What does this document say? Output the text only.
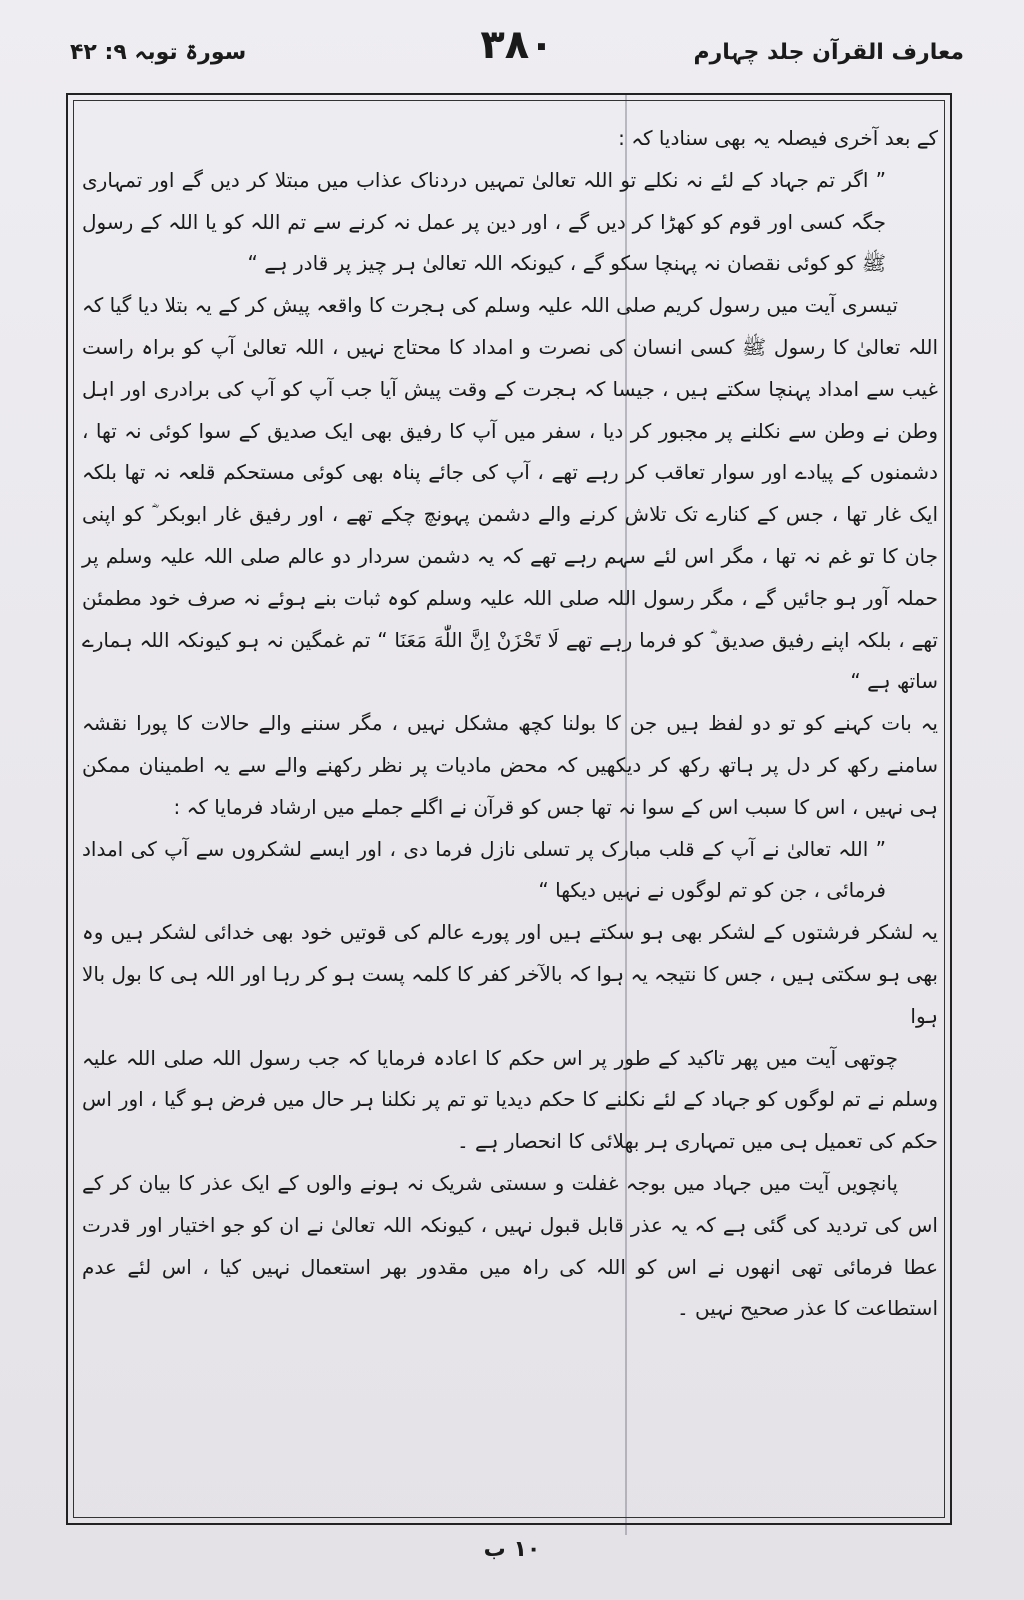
معارف القرآن جلد چہارم
۳۸۰
سورۃ توبہ ۹: ۴۲

کے بعد آخری فیصلہ یہ بھی سنادیا کہ :

” اگر تم جہاد کے لئے نہ نکلے تو اللہ تعالیٰ تمہیں دردناک عذاب میں مبتلا کر دیں گے اور تمہاری جگہ کسی اور قوم کو کھڑا کر دیں گے ، اور دین پر عمل نہ کرنے سے تم اللہ کو یا اللہ کے رسول ﷺ کو کوئی نقصان نہ پہنچا سکو گے ، کیونکہ اللہ تعالیٰ ہر چیز پر قادر ہے “

تیسری آیت میں رسول کریم صلی اللہ علیہ وسلم کی ہجرت کا واقعہ پیش کر کے یہ بتلا دیا گیا کہ اللہ تعالیٰ کا رسول ﷺ کسی انسان کی نصرت و امداد کا محتاج نہیں ، اللہ تعالیٰ آپ کو براہ راست غیب سے امداد پہنچا سکتے ہیں ، جیسا کہ ہجرت کے وقت پیش آیا جب آپ کو آپ کی برادری اور اہل وطن نے وطن سے نکلنے پر مجبور کر دیا ، سفر میں آپ کا رفیق بھی ایک صدیق کے سوا کوئی نہ تھا ، دشمنوں کے پیادے اور سوار تعاقب کر رہے تھے ، آپ کی جائے پناہ بھی کوئی مستحکم قلعہ نہ تھا بلکہ ایک غار تھا ، جس کے کنارے تک تلاش کرنے والے دشمن پہونچ چکے تھے ، اور رفیق غار ابوبکر ؓ کو اپنی جان کا تو غم نہ تھا ، مگر اس لئے سہم رہے تھے کہ یہ دشمن سردار دو عالم صلی اللہ علیہ وسلم پر حملہ آور ہو جائیں گے ، مگر رسول اللہ صلی اللہ علیہ وسلم کوہ ثبات بنے ہوئے نہ صرف خود مطمئن تھے ، بلکہ اپنے رفیق صدیق ؓ کو فرما رہے تھے لَا تَحْزَنْ اِنَّ اللّٰهَ مَعَنَا “ تم غمگین نہ ہو کیونکہ اللہ ہمارے ساتھ ہے “

یہ بات کہنے کو تو دو لفظ ہیں جن کا بولنا کچھ مشکل نہیں ، مگر سننے والے حالات کا پورا نقشہ سامنے رکھ کر دل پر ہاتھ رکھ کر دیکھیں کہ محض مادیات پر نظر رکھنے والے سے یہ اطمینان ممکن ہی نہیں ، اس کا سبب اس کے سوا نہ تھا جس کو قرآن نے اگلے جملے میں ارشاد فرمایا کہ :

” اللہ تعالیٰ نے آپ کے قلب مبارک پر تسلی نازل فرما دی ، اور ایسے لشکروں سے آپ کی امداد فرمائی ، جن کو تم لوگوں نے نہیں دیکھا “

یہ لشکر فرشتوں کے لشکر بھی ہو سکتے ہیں اور پورے عالم کی قوتیں خود بھی خدائی لشکر ہیں وہ بھی ہو سکتی ہیں ، جس کا نتیجہ یہ ہوا کہ بالآخر کفر کا کلمہ پست ہو کر رہا اور اللہ ہی کا بول بالا ہوا

چوتھی آیت میں پھر تاکید کے طور پر اس حکم کا اعادہ فرمایا کہ جب رسول اللہ صلی اللہ علیہ وسلم نے تم لوگوں کو جہاد کے لئے نکلنے کا حکم دیدیا تو تم پر نکلنا ہر حال میں فرض ہو گیا ، اور اس حکم کی تعمیل ہی میں تمہاری ہر بھلائی کا انحصار ہے ۔

پانچویں آیت میں جہاد میں بوجہ غفلت و سستی شریک نہ ہونے والوں کے ایک عذر کا بیان کر کے اس کی تردید کی گئی ہے کہ یہ عذر قابل قبول نہیں ، کیونکہ اللہ تعالیٰ نے ان کو جو اختیار اور قدرت عطا فرمائی تھی انھوں نے اس کو اللہ کی راہ میں مقدور بھر استعمال نہیں کیا ، اس لئے عدم استطاعت کا عذر صحیح نہیں ۔

۱۰ ب
